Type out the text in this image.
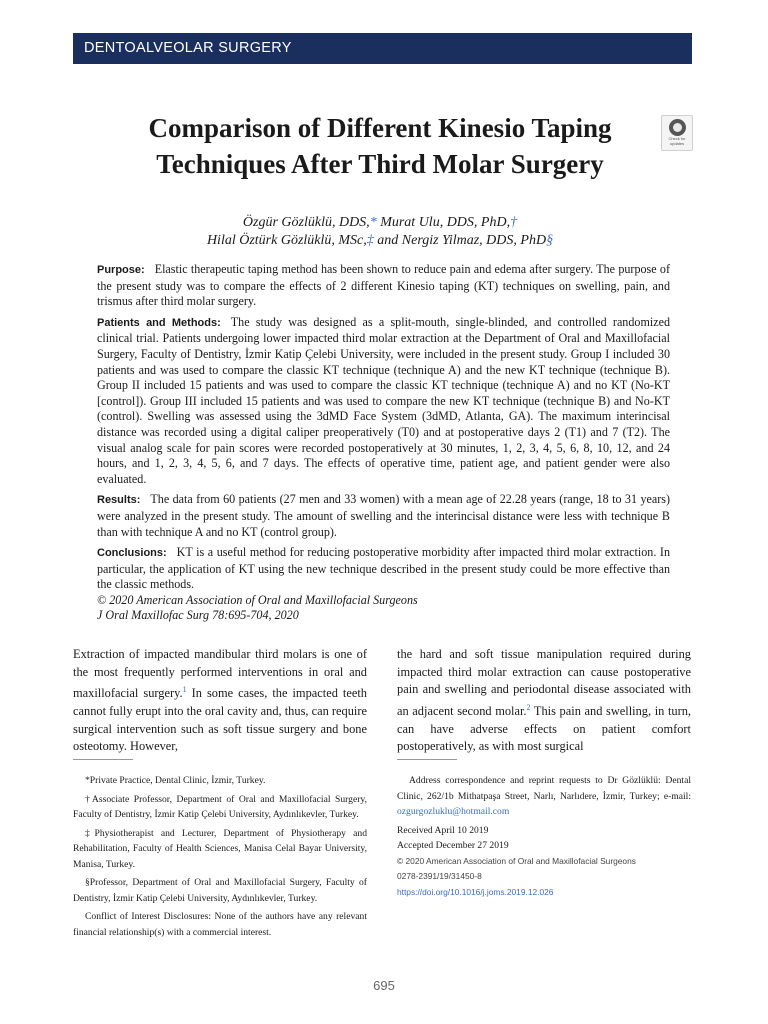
DENTOALVEOLAR SURGERY
Check for updates
Comparison of Different Kinesio Taping Techniques After Third Molar Surgery
Özgür Gözlüklü, DDS,* Murat Ulu, DDS, PhD,†
Hilal Öztürk Gözlüklü, MSc,‡ and Nergiz Yilmaz, DDS, PhD§

Purpose: Elastic therapeutic taping method has been shown to reduce pain and edema after surgery. The purpose of the present study was to compare the effects of 2 different Kinesio taping (KT) techniques on swelling, pain, and trismus after third molar surgery.

Patients and Methods: The study was designed as a split-mouth, single-blinded, and controlled randomized clinical trial. Patients undergoing lower impacted third molar extraction at the Department of Oral and Maxillofacial Surgery, Faculty of Dentistry, İzmir Katip Çelebi University, were included in the present study. Group I included 30 patients and was used to compare the classic KT technique (technique A) and the new KT technique (technique B). Group II included 15 patients and was used to compare the classic KT technique (technique A) and no KT (No-KT [control]). Group III included 15 patients and was used to compare the new KT technique (technique B) and No-KT (control). Swelling was assessed using the 3dMD Face System (3dMD, Atlanta, GA). The maximum interincisal distance was recorded using a digital caliper preoperatively (T0) and at postoperative days 2 (T1) and 7 (T2). The visual analog scale for pain scores were recorded postoperatively at 30 minutes, 1, 2, 3, 4, 5, 6, 8, 10, 12, and 24 hours, and 1, 2, 3, 4, 5, 6, and 7 days. The effects of operative time, patient age, and patient gender were also evaluated.

Results: The data from 60 patients (27 men and 33 women) with a mean age of 22.28 years (range, 18 to 31 years) were analyzed in the present study. The amount of swelling and the interincisal distance were less with technique B than with technique A and no KT (control group).

Conclusions: KT is a useful method for reducing postoperative morbidity after impacted third molar extraction. In particular, the application of KT using the new technique described in the present study could be more effective than the classic methods.

© 2020 American Association of Oral and Maxillofacial Surgeons

J Oral Maxillofac Surg 78:695-704, 2020

Extraction of impacted mandibular third molars is one of the most frequently performed interventions in oral and maxillofacial surgery.$^1$ In some cases, the impacted teeth cannot fully erupt into the oral cavity and, thus, can require surgical intervention such as soft tissue surgery and bone osteotomy. However,

the hard and soft tissue manipulation required during impacted third molar extraction can cause postoperative pain and swelling and periodontal disease associated with an adjacent second molar.$^2$ This pain and swelling, in turn, can have adverse effects on patient comfort postoperatively, as with most surgical

*Private Practice, Dental Clinic, İzmir, Turkey.

†Associate Professor, Department of Oral and Maxillofacial Surgery, Faculty of Dentistry, İzmir Katip Çelebi University, Aydınlıkevler, Turkey.

‡Physiotherapist and Lecturer, Department of Physiotherapy and Rehabilitation, Faculty of Health Sciences, Manisa Celal Bayar University, Manisa, Turkey.

§Professor, Department of Oral and Maxillofacial Surgery, Faculty of Dentistry, İzmir Katip Çelebi University, Aydınlıkevler, Turkey.

Conflict of Interest Disclosures: None of the authors have any relevant financial relationship(s) with a commercial interest.

Address correspondence and reprint requests to Dr Gözlüklü: Dental Clinic, 262/1b Mithatpaşa Street, Narlı, Narlıdere, İzmir, Turkey; e-mail: ozgurgozluklu@hotmail.com

Received April 10 2019

Accepted December 27 2019

© 2020 American Association of Oral and Maxillofacial Surgeons

0278-2391/19/31450-8

https://doi.org/10.1016/j.joms.2019.12.026

695
